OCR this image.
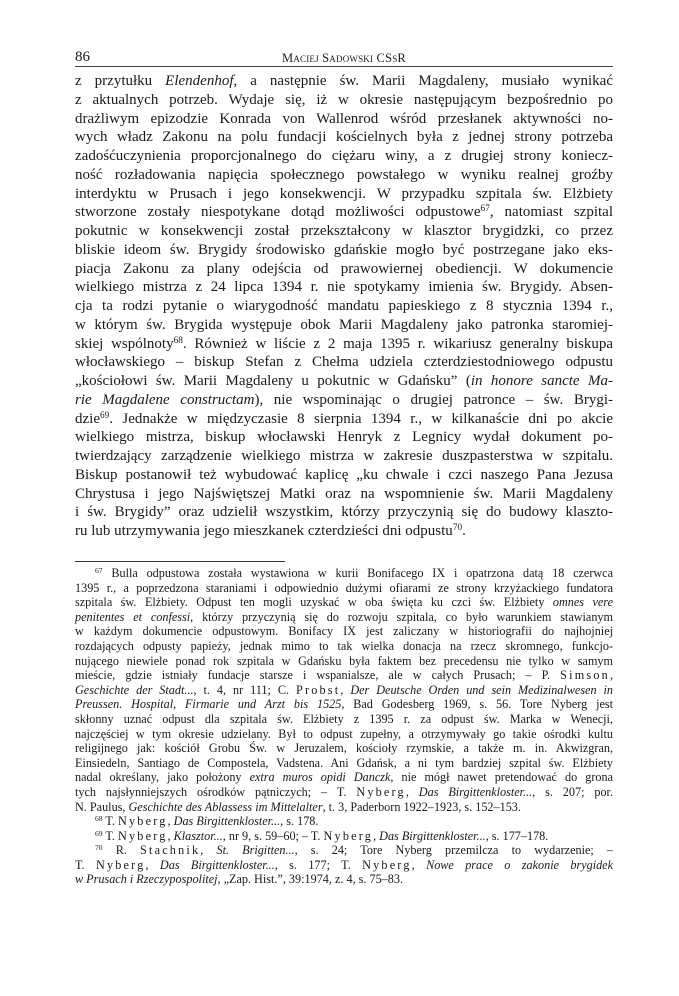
86	Maciej Sadowski CSsR
z przytułku Elendenhof, a następnie św. Marii Magdaleny, musiało wynikać
z aktualnych potrzeb. Wydaje się, iż w okresie następującym bezpośrednio po
drażliwym epizodzie Konrada von Wallenrod wśród przesłanek aktywności no-
wych władz Zakonu na polu fundacji kościelnych była z jednej strony potrzeba
zadośćuczynienia proporcjonalnego do ciężaru winy, a z drugiej strony koniecz-
ność rozładowania napięcia społecznego powstałego w wyniku realnej groźby
interdyktu w Prusach i jego konsekwencji. W przypadku szpitala św. Elżbiety
stworzone zostały niespotykane dotąd możliwości odpustowe$^{67}$, natomiast szpital
pokutnic w konsekwencji został przekształcony w klasztor brygidzki, co przez
bliskie ideom św. Brygidy środowisko gdańskie mogło być postrzegane jako eks-
piacja Zakonu za plany odejścia od prawowiernej obediencji. W dokumencie
wielkiego mistrza z 24 lipca 1394 r. nie spotykamy imienia św. Brygidy. Absen-
cja ta rodzi pytanie o wiarygodność mandatu papieskiego z 8 stycznia 1394 r.,
w którym św. Brygida występuje obok Marii Magdaleny jako patronka staromiej-
skiej wspólnoty$^{68}$. Również w liście z 2 maja 1395 r. wikariusz generalny biskupa
włocławskiego – biskup Stefan z Chełma udziela czterdziestodniowego odpustu
„kościołowi św. Marii Magdaleny u pokutnic w Gdańsku” (in honore sancte Ma-
rie Magdalene constructam), nie wspominając o drugiej patronce – św. Brygi-
dzie$^{69}$. Jednakże w międzyczasie 8 sierpnia 1394 r., w kilkanaście dni po akcie
wielkiego mistrza, biskup włocławski Henryk z Legnicy wydał dokument po-
twierdzający zarządzenie wielkiego mistrza w zakresie duszpasterstwa w szpitalu.
Biskup postanowił też wybudować kaplicę „ku chwale i czci naszego Pana Jezusa
Chrystusa i jego Najświętszej Matki oraz na wspomnienie św. Marii Magdaleny
i św. Brygidy” oraz udzielił wszystkim, którzy przyczynią się do budowy klaszto-
ru lub utrzymywania jego mieszkanek czterdzieści dni odpustu$^{70}$.
$^{67}$ Bulla odpustowa została wystawiona w kurii Bonifacego IX i opatrzona datą 18 czerwca
1395 r., a poprzedzona staraniami i odpowiednio dużymi ofiarami ze strony krzyżackiego fundatora
szpitala św. Elżbiety. Odpust ten mogli uzyskać w oba święta ku czci św. Elżbiety omnes vere
penitentes et confessi, którzy przyczynią się do rozwoju szpitala, co było warunkiem stawianym
w każdym dokumencie odpustowym. Bonifacy IX jest zaliczany w historiografii do najhojniej
rozdających odpusty papieży, jednak mimo to tak wielka donacja na rzecz skromnego, funkcjo-
nującego niewiele ponad rok szpitala w Gdańsku była faktem bez precedensu nie tylko w samym
mieście, gdzie istniały fundacje starsze i wspanialsze, ale w całych Prusach; – P. Simson,
Geschichte der Stadt..., t. 4, nr 111; C. Probst, Der Deutsche Orden und sein Medizinalwesen in
Preussen. Hospital, Firmarie und Arzt bis 1525, Bad Godesberg 1969, s. 56. Tore Nyberg jest
skłonny uznać odpust dla szpitala św. Elżbiety z 1395 r. za odpust św. Marka w Wenecji,
najczęściej w tym okresie udzielany. Był to odpust zupełny, a otrzymywały go takie ośrodki kultu
religijnego jak: kościół Grobu Św. w Jeruzalem, kościoły rzymskie, a także m. in. Akwizgran,
Einsiedeln, Santiago de Compostela, Vadstena. Ani Gdańsk, a ni tym bardziej szpital św. Elżbiety
nadal określany, jako położony extra muros opidi Danczk, nie mógł nawet pretendować do grona
tych najsłynniejszych ośrodków pątniczych; – T. Nyberg, Das Birgittenkloster..., s. 207; por.
N. Paulus, Geschichte des Ablassess im Mittelalter, t. 3, Paderborn 1922–1923, s. 152–153.
$^{68}$ T. Nyberg, Das Birgittenkloster..., s. 178.
$^{69}$ T. Nyberg, Klasztor..., nr 9, s. 59–60; – T. Nyberg, Das Birgittenkloster..., s. 177–178.
$^{70}$ R. Stachnik, St. Brigitten..., s. 24; Tore Nyberg przemilcza to wydarzenie; –
T. Nyberg, Das Birgittenkloster..., s. 177; T. Nyberg, Nowe prace o zakonie brygidek
w Prusach i Rzeczypospolitej, „Zap. Hist.”, 39:1974, z. 4, s. 75–83.
